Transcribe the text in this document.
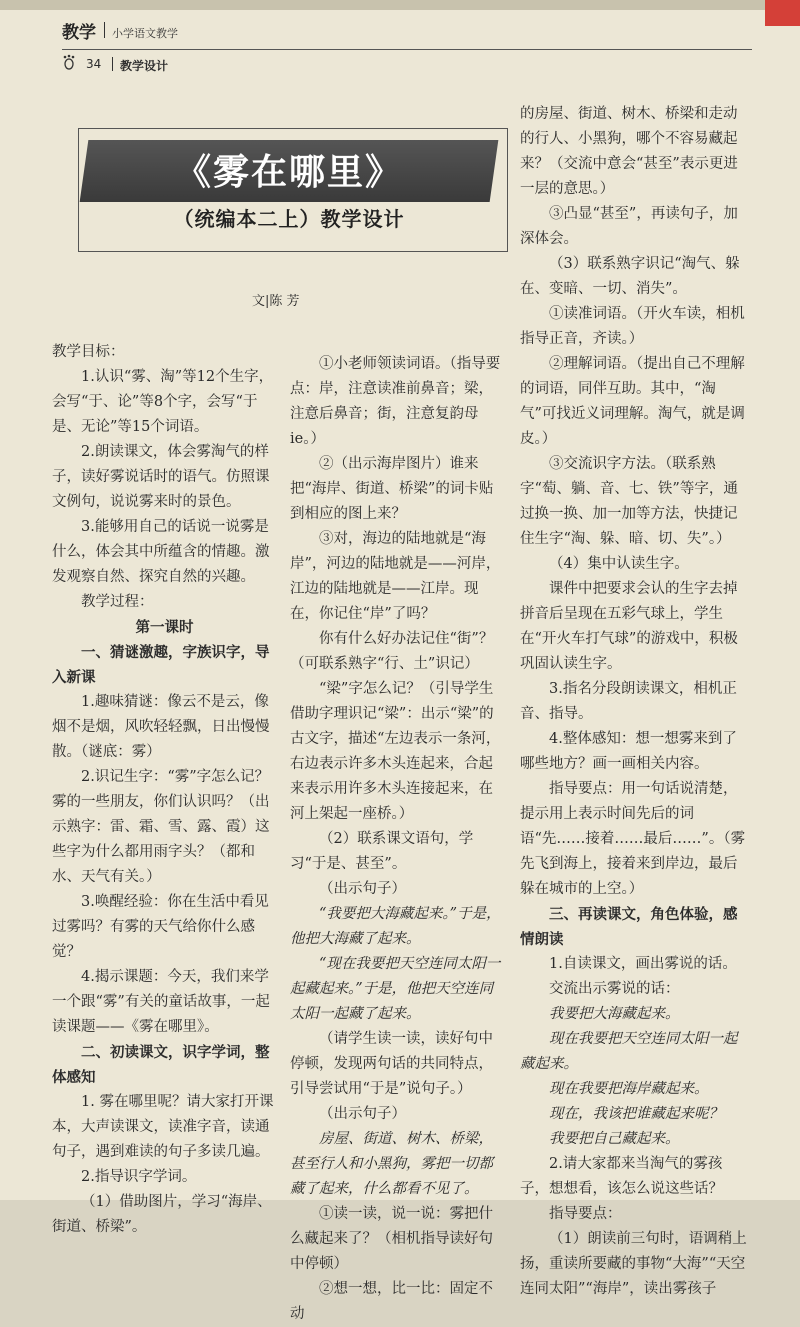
教学 小学语文教学
34 教学设计
《雾在哪里》
（统编本二上）教学设计
文|陈 芳

教学目标：

1.认识“雾、淘”等12个生字，会写“于、论”等8个字，会写“于是、无论”等15个词语。

2.朗读课文，体会雾淘气的样子，读好雾说话时的语气。仿照课文例句，说说雾来时的景色。

3.能够用自己的话说一说雾是什么，体会其中所蕴含的情趣。激发观察自然、探究自然的兴趣。

教学过程：

第一课时

一、猜谜激趣，字族识字，导入新课

1.趣味猜谜：像云不是云，像烟不是烟，风吹轻轻飘，日出慢慢散。（谜底：雾）

2.识记生字：“雾”字怎么记？雾的一些朋友，你们认识吗？（出示熟字：雷、霜、雪、露、霞）这些字为什么都用雨字头？（都和水、天气有关。）

3.唤醒经验：你在生活中看见过雾吗？有雾的天气给你什么感觉？

4.揭示课题：今天，我们来学一个跟“雾”有关的童话故事，一起读课题——《雾在哪里》。

二、初读课文，识字学词，整体感知

1. 雾在哪里呢？请大家打开课本，大声读课文，读准字音，读通句子，遇到难读的句子多读几遍。

2.指导识字学词。

（1）借助图片，学习“海岸、街道、桥梁”。

①小老师领读词语。（指导要点：岸，注意读准前鼻音；梁，注意后鼻音；街，注意复韵母ie。）

②（出示海岸图片）谁来把“海岸、街道、桥梁”的词卡贴到相应的图上来？

③对，海边的陆地就是“海岸”，河边的陆地就是——河岸，江边的陆地就是——江岸。现在，你记住“岸”了吗？

你有什么好办法记住“街”？（可联系熟字“行、土”识记）

“梁”字怎么记？（引导学生借助字理识记“梁”：出示“梁”的古文字，描述“左边表示一条河，右边表示许多木头连起来，合起来表示用许多木头连接起来，在河上架起一座桥。）

（2）联系课文语句，学习“于是、甚至”。

（出示句子）

“我要把大海藏起来。”于是，他把大海藏了起来。

“现在我要把天空连同太阳一起藏起来。”于是，他把天空连同太阳一起藏了起来。

（请学生读一读，读好句中停顿，发现两句话的共同特点，引导尝试用“于是”说句子。）

（出示句子）

房屋、街道、树木、桥梁，甚至行人和小黑狗，雾把一切都藏了起来，什么都看不见了。

①读一读，说一说：雾把什么藏起来了？（相机指导读好句中停顿）

②想一想，比一比：固定不动

的房屋、街道、树木、桥梁和走动的行人、小黑狗，哪个不容易藏起来？（交流中意会“甚至”表示更进一层的意思。）

③凸显“甚至”，再读句子，加深体会。

（3）联系熟字识记“淘气、躲在、变暗、一切、消失”。

①读准词语。（开火车读，相机指导正音，齐读。）

②理解词语。（提出自己不理解的词语，同伴互助。其中，“淘气”可找近义词理解。淘气，就是调皮。）

③交流识字方法。（联系熟字“萄、躺、音、七、铁”等字，通过换一换、加一加等方法，快捷记住生字“淘、躲、暗、切、失”。）

（4）集中认读生字。

课件中把要求会认的生字去掉拼音后呈现在五彩气球上，学生在“开火车打气球”的游戏中，积极巩固认读生字。

3.指名分段朗读课文，相机正音、指导。

4.整体感知：想一想雾来到了哪些地方？画一画相关内容。

指导要点：用一句话说清楚，提示用上表示时间先后的词语“先……接着……最后……”。（雾先飞到海上，接着来到岸边，最后躲在城市的上空。）

三、再读课文，角色体验，感情朗读

1.自读课文，画出雾说的话。

交流出示雾说的话：

我要把大海藏起来。

现在我要把天空连同太阳一起藏起来。

现在我要把海岸藏起来。

现在，我该把谁藏起来呢？

我要把自己藏起来。

2.请大家都来当淘气的雾孩子，想想看，该怎么说这些话？

指导要点：

（1）朗读前三句时，语调稍上扬，重读所要藏的事物“大海”“天空连同太阳”“海岸”，读出雾孩子
